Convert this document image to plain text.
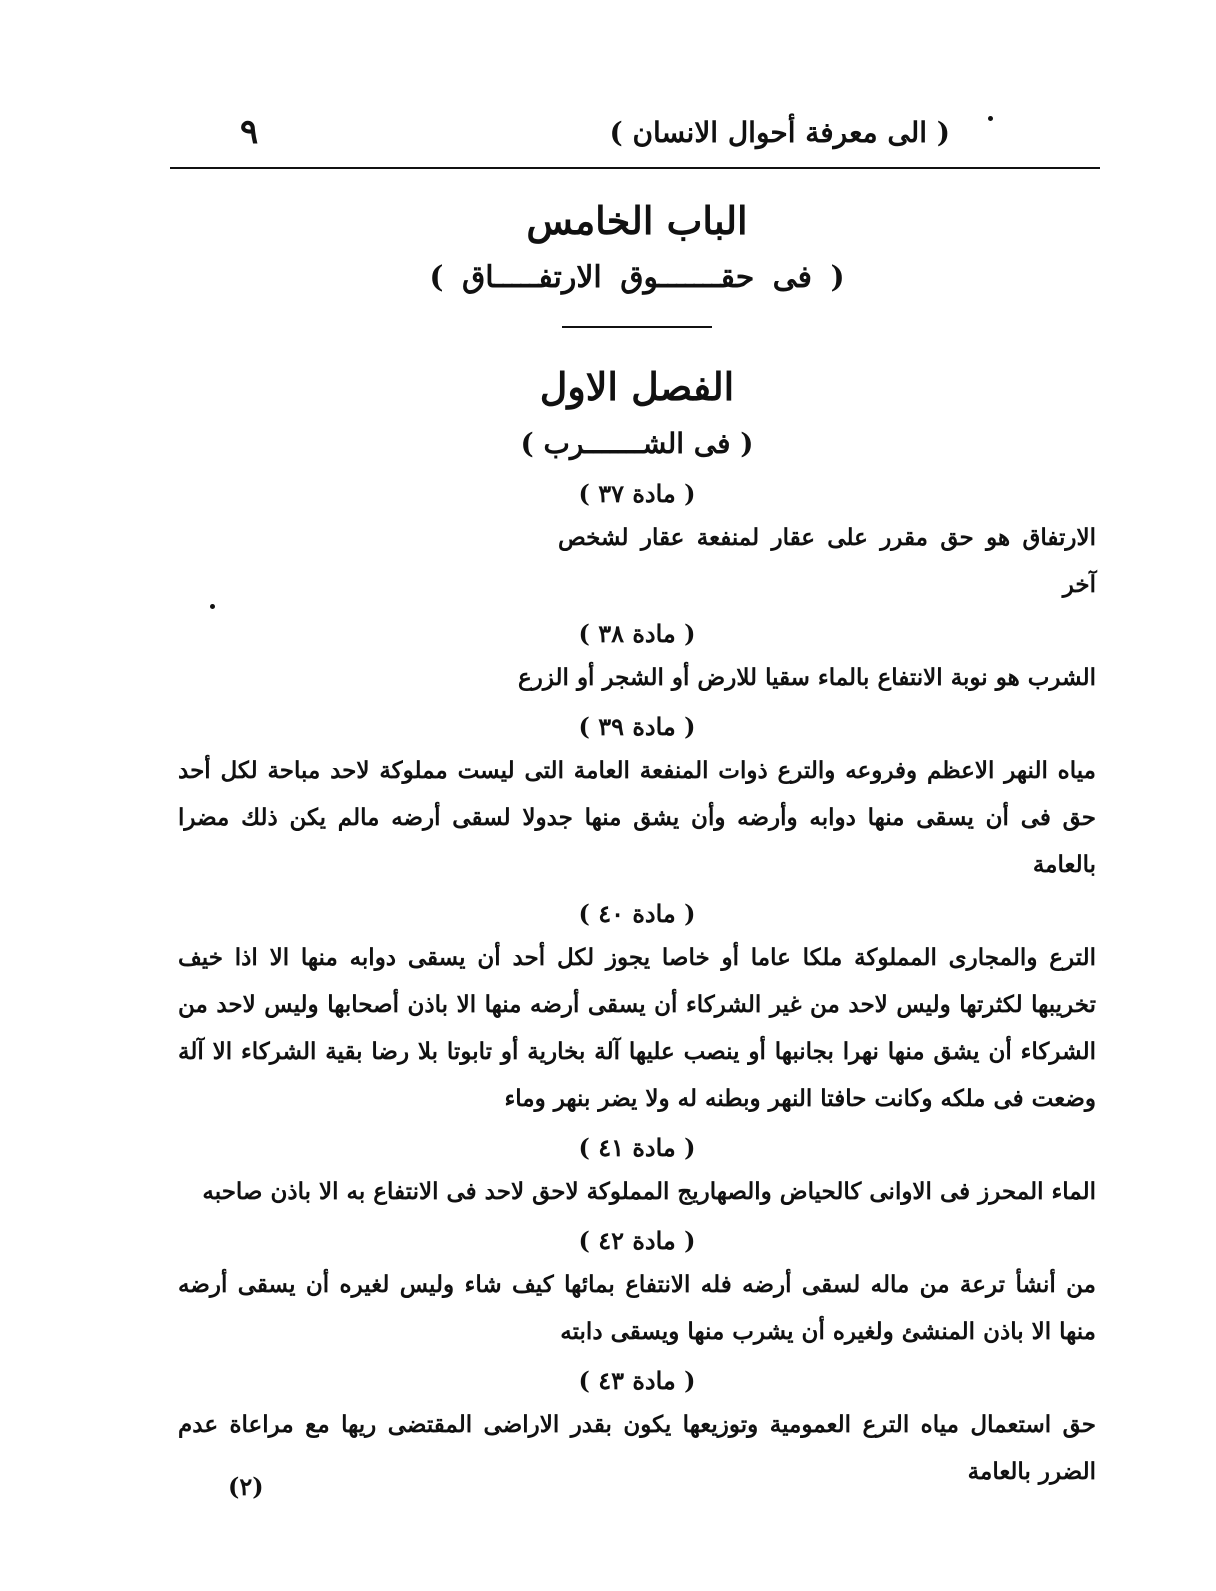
٩	( الى معرفة أحوال الانسان )
الباب الخامس
( فى حقـــــــوق الارتفـــــاق )
الفصل الاول
( فى الشـــــــرب )
( مادة ٣٧ )

الارتفاق هو حق مقرر على عقار لمنفعة عقار لشخص آخر

( مادة ٣٨ )

الشرب هو نوبة الانتفاع بالماء سقيا للارض أو الشجر أو الزرع

( مادة ٣٩ )

مياه النهر الاعظم وفروعه والترع ذوات المنفعة العامة التى ليست مملوكة لاحد مباحة لكل أحد حق فى أن يسقى منها دوابه وأرضه وأن يشق منها جدولا لسقى أرضه مالم يكن ذلك مضرا بالعامة

( مادة ٤٠ )

الترع والمجارى المملوكة ملكا عاما أو خاصا يجوز لكل أحد أن يسقى دوابه منها الا اذا خيف تخريبها لكثرتها وليس لاحد من غير الشركاء أن يسقى أرضه منها الا باذن أصحابها وليس لاحد من الشركاء أن يشق منها نهرا بجانبها أو ينصب عليها آلة بخارية أو تابوتا بلا رضا بقية الشركاء الا آلة وضعت فى ملكه وكانت حافتا النهر وبطنه له ولا يضر بنهر وماء

( مادة ٤١ )

الماء المحرز فى الاوانى كالحياض والصهاريج المملوكة لاحق لاحد فى الانتفاع به الا باذن صاحبه

( مادة ٤٢ )

من أنشأ ترعة من ماله لسقى أرضه فله الانتفاع بمائها كيف شاء وليس لغيره أن يسقى أرضه منها الا باذن المنشئ ولغيره أن يشرب منها ويسقى دابته

( مادة ٤٣ )

حق استعمال مياه الترع العمومية وتوزيعها يكون بقدر الاراضى المقتضى ريها مع مراعاة عدم الضرر بالعامة

(٢)
